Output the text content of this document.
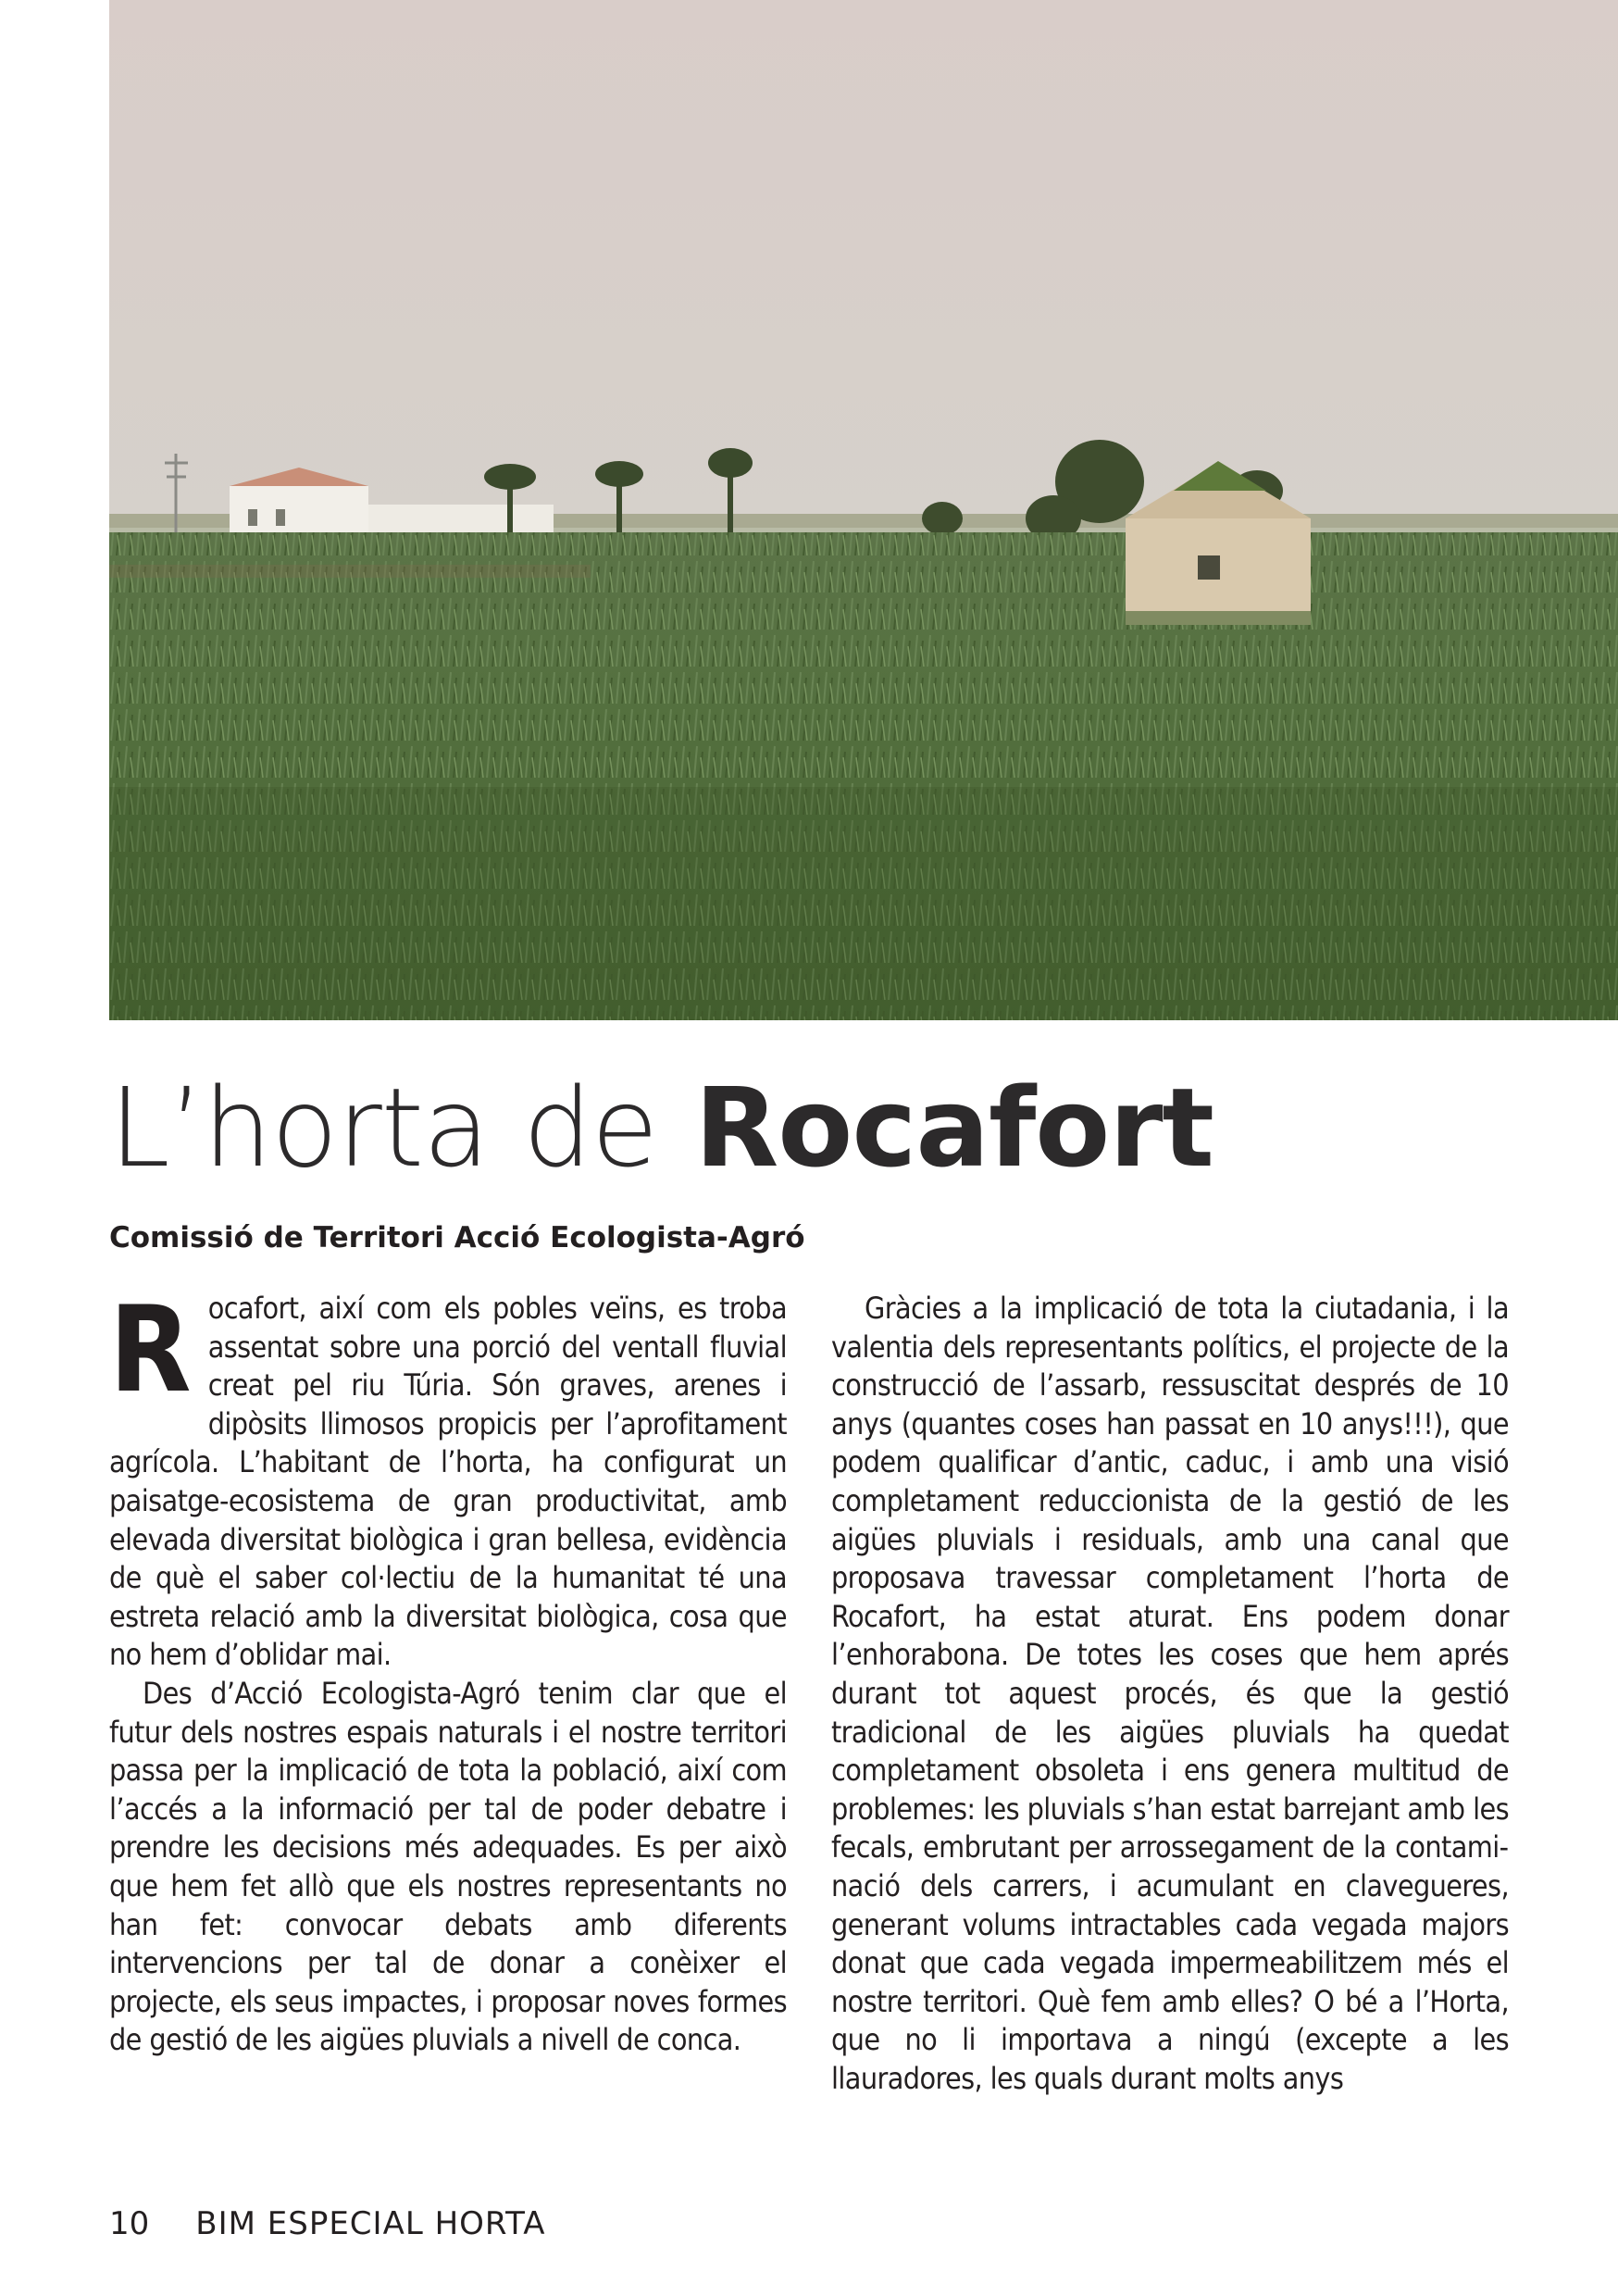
L’horta de Rocafort

Comissió de Territori Acció Ecologista-Agró

Rocafort, així com els pobles veïns, es troba assentat sobre una porció del ventall fluvial creat pel riu Túria. Són graves, arenes i dipòsits llimosos propicis per l’aprofitament agrícola. L’habitant de l’horta, ha configurat un paisatge-ecosistema de gran productivitat, amb elevada diversitat biològica i gran bellesa, evidència de què el saber col·lectiu de la humanitat té una estreta relació amb la diversitat biològica, cosa que no hem d’oblidar mai.

Des d’Acció Ecologista-Agró tenim clar que el futur dels nostres espais naturals i el nostre territori passa per la implicació de tota la població, així com l’accés a la informació per tal de poder debatre i prendre les decisions més adequades. Es per això que hem fet allò que els nostres representants no han fet: convocar debats amb diferents intervencions per tal de donar a conèixer el projecte, els seus impactes, i proposar noves formes de gestió de les aigües pluvials a nivell de conca.

Gràcies a la implicació de tota la ciutadania, i la valentia dels representants polítics, el projecte de la construcció de l’assarb, ressuscitat després de 10 anys (quantes coses han passat en 10 anys!!!), que podem qualificar d’antic, caduc, i amb una visió completament reduccionista de la gestió de les aigües pluvials i residuals, amb una canal que proposava travessar completament l’horta de Rocafort, ha estat aturat. Ens podem donar l’enhorabona. De totes les coses que hem aprés durant tot aquest procés, és que la gestió tradicional de les aigües pluvials ha quedat completament obsoleta i ens genera multitud de problemes: les pluvials s’han estat barrejant amb les fecals, embrutant per arrossegament de la contaminació dels carrers, i acumulant en clavegueres, generant volums intractables cada vegada majors donat que cada vegada impermeabilitzem més el nostre territori. Què fem amb elles? O bé a l’Horta, que no li importava a ningú (excepte a les llauradores, les quals durant molts anys

10 BIM ESPECIAL HORTA
